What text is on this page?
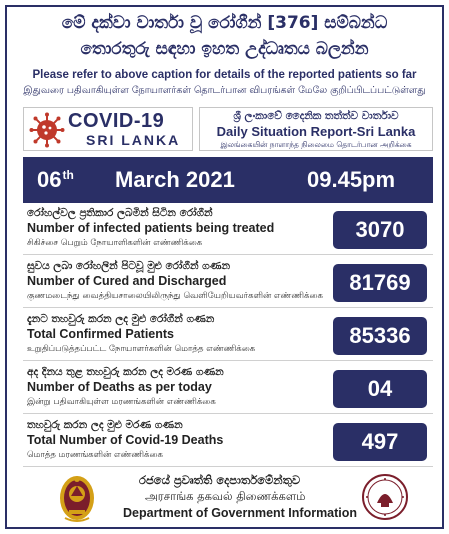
මේ දක්වා වාර්තා වූ රෝගීන් [376] සම්බන්ධ
තොරතුරු සඳහා ඉහත උද්ධෘතය බලන්න
Please refer to above caption for details of the reported patients so far
இதுவரை பதிவாகியுள்ள நோயாளர்கள் தொடர்பான விபரங்கள் மேலே குறிப்பிடப்பட்டுள்ளது
COVID-19
SRI LANKA
ශ්‍රී ලංකාවේ දෛනික තත්ත්ව වාර්තාව
Daily Situation Report-Sri Lanka
இலங்கையின் நாளாந்த நிலைமை தொடர்பான அறிக்கை
06th March 2021	09.45pm
රෝහල්වල ප්‍රතිකාර ලබමින් සිටින රෝගීන්
Number of infected patients being treated
சிகிச்சை பெறும் நோயாளிகளின் எண்ணிக்கை
3070
සුවය ලබා රෝහලින් පිටවූ මුළු රෝගීන් ගණන
Number of Cured and Discharged
குணமடைந்து வைத்தியசாலையிலிருந்து வெளியேறியவர்களின் எண்ணிக்கை
81769
දැනට තහවුරු කරන ලද මුළු රෝගීන් ගණන
Total Confirmed Patients
உறுதிப்படுத்தப்பட்ட நோயாளர்களின் மொத்த எண்ணிக்கை
85336
අද දිනය තුළ තහවුරු කරන ලද මරණ ගණන
Number of Deaths as per today
இன்று பதிவாகியுள்ள மரணங்களின் எண்ணிக்கை
04
තහවුරු කරන ලද මුළු මරණ ගණන
Total Number of Covid-19 Deaths
மொத்த மரணங்களின் எண்ணிக்கை
497
රජයේ ප්‍රවෘත්ති දෙපාර්තමේන්තුව
அரசாங்க தகவல் திணைக்களம்
Department of Government Information
